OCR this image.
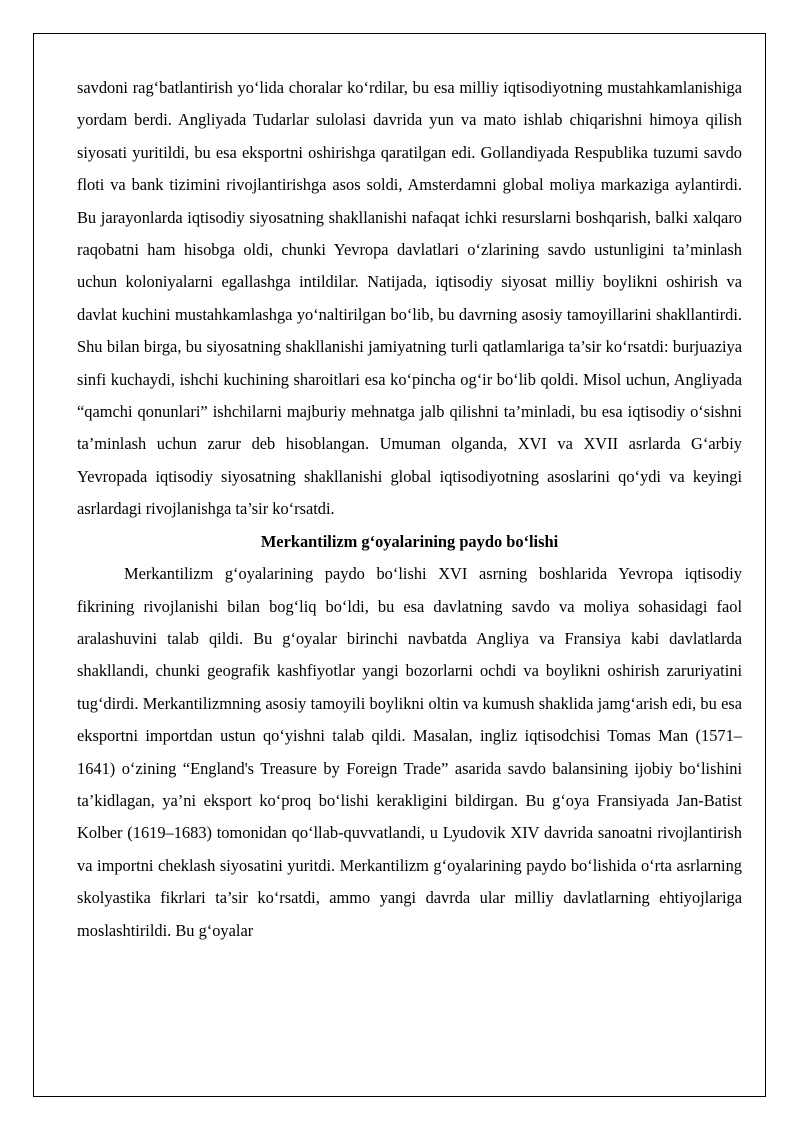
savdoni rag‘batlantirish yo‘lida choralar ko‘rdilar, bu esa milliy iqtisodiyotning mustahkamlanishiga yordam berdi. Angliyada Tudarlar sulolasi davrida yun va mato ishlab chiqarishni himoya qilish siyosati yuritildi, bu esa eksportni oshirishga qaratilgan edi. Gollandiyada Respublika tuzumi savdo floti va bank tizimini rivojlantirishga asos soldi, Amsterdamni global moliya markaziga aylantirdi. Bu jarayonlarda iqtisodiy siyosatning shakllanishi nafaqat ichki resurslarni boshqarish, balki xalqaro raqobatni ham hisobga oldi, chunki Yevropa davlatlari o‘zlarining savdo ustunligini ta’minlash uchun koloniyalarni egallashga intildilar. Natijada, iqtisodiy siyosat milliy boylikni oshirish va davlat kuchini mustahkamlashga yo‘naltirilgan bo‘lib, bu davrning asosiy tamoyillarini shakllantirdi. Shu bilan birga, bu siyosatning shakllanishi jamiyatning turli qatlamlariga ta’sir ko‘rsatdi: burjuaziya sinfi kuchaydi, ishchi kuchining sharoitlari esa ko‘pincha og‘ir bo‘lib qoldi. Misol uchun, Angliyada “qamchi qonunlari” ishchilarni majburiy mehnatga jalb qilishni ta’minladi, bu esa iqtisodiy o‘sishni ta’minlash uchun zarur deb hisoblangan. Umuman olganda, XVI va XVII asrlarda G‘arbiy Yevropada iqtisodiy siyosatning shakllanishi global iqtisodiyotning asoslarini qo‘ydi va keyingi asrlardagi rivojlanishga ta’sir ko‘rsatdi.

Merkantilizm g‘oyalarining paydo bo‘lishi

Merkantilizm g‘oyalarining paydo bo‘lishi XVI asrning boshlarida Yevropa iqtisodiy fikrining rivojlanishi bilan bog‘liq bo‘ldi, bu esa davlatning savdo va moliya sohasidagi faol aralashuvini talab qildi. Bu g‘oyalar birinchi navbatda Angliya va Fransiya kabi davlatlarda shakllandi, chunki geografik kashfiyotlar yangi bozorlarni ochdi va boylikni oshirish zaruriyatini tug‘dirdi. Merkantilizmning asosiy tamoyili boylikni oltin va kumush shaklida jamg‘arish edi, bu esa eksportni importdan ustun qo‘yishni talab qildi. Masalan, ingliz iqtisodchisi Tomas Man (1571–1641) o‘zining “England's Treasure by Foreign Trade” asarida savdo balansining ijobiy bo‘lishini ta’kidlagan, ya’ni eksport ko‘proq bo‘lishi kerakligini bildirgan. Bu g‘oya Fransiyada Jan-Batist Kolber (1619–1683) tomonidan qo‘llab-quvvatlandi, u Lyudovik XIV davrida sanoatni rivojlantirish va importni cheklash siyosatini yuritdi. Merkantilizm g‘oyalarining paydo bo‘lishida o‘rta asrlarning skolyastika fikrlari ta’sir ko‘rsatdi, ammo yangi davrda ular milliy davlatlarning ehtiyojlariga moslashtirildi. Bu g‘oyalar
